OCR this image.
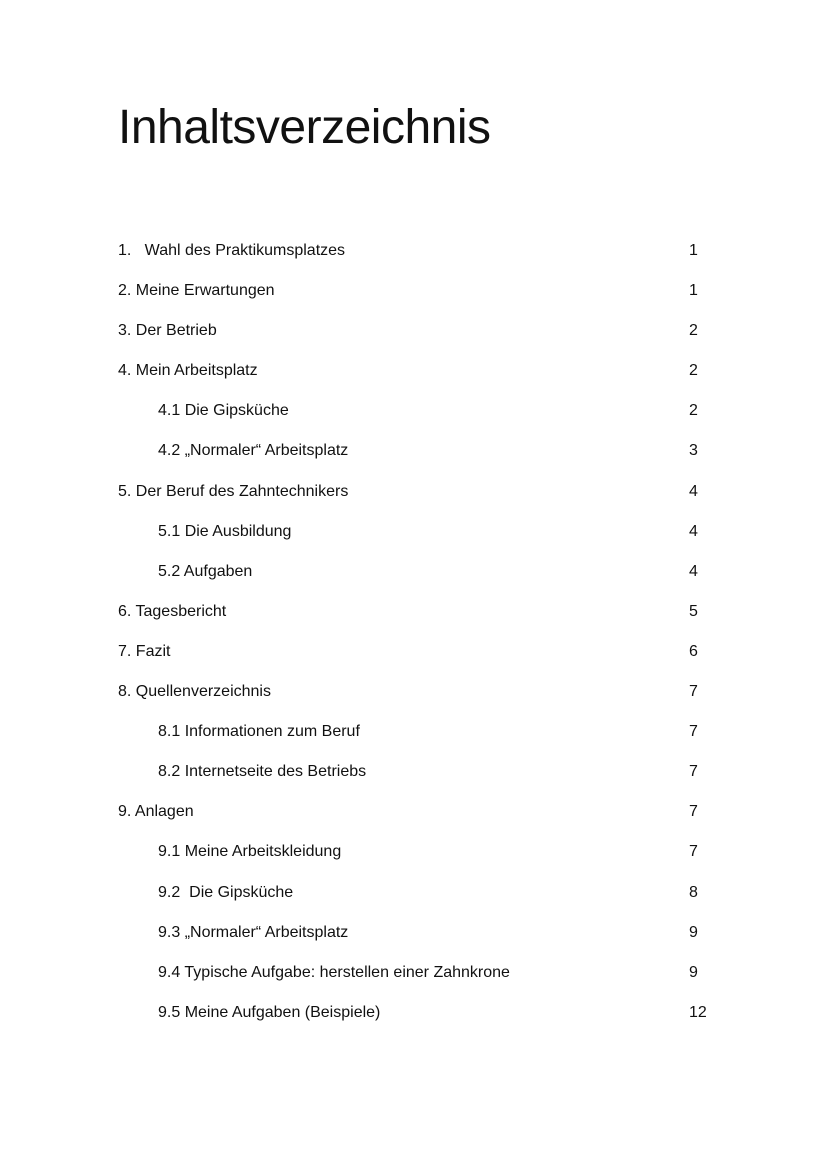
Inhaltsverzeichnis
1.   Wahl des Praktikumsplatzes	1
2. Meine Erwartungen	1
3. Der Betrieb	2
4. Mein Arbeitsplatz	2
4.1 Die Gipsküche	2
4.2 „Normaler“ Arbeitsplatz	3
5. Der Beruf des Zahntechnikers	4
5.1 Die Ausbildung	4
5.2 Aufgaben	4
6. Tagesbericht	5
7. Fazit	6
8. Quellenverzeichnis	7
8.1 Informationen zum Beruf	7
8.2 Internetseite des Betriebs	7
9. Anlagen	7
9.1 Meine Arbeitskleidung	7
9.2  Die Gipsküche	8
9.3 „Normaler“ Arbeitsplatz	9
9.4 Typische Aufgabe: herstellen einer Zahnkrone	9
9.5 Meine Aufgaben (Beispiele)	12
